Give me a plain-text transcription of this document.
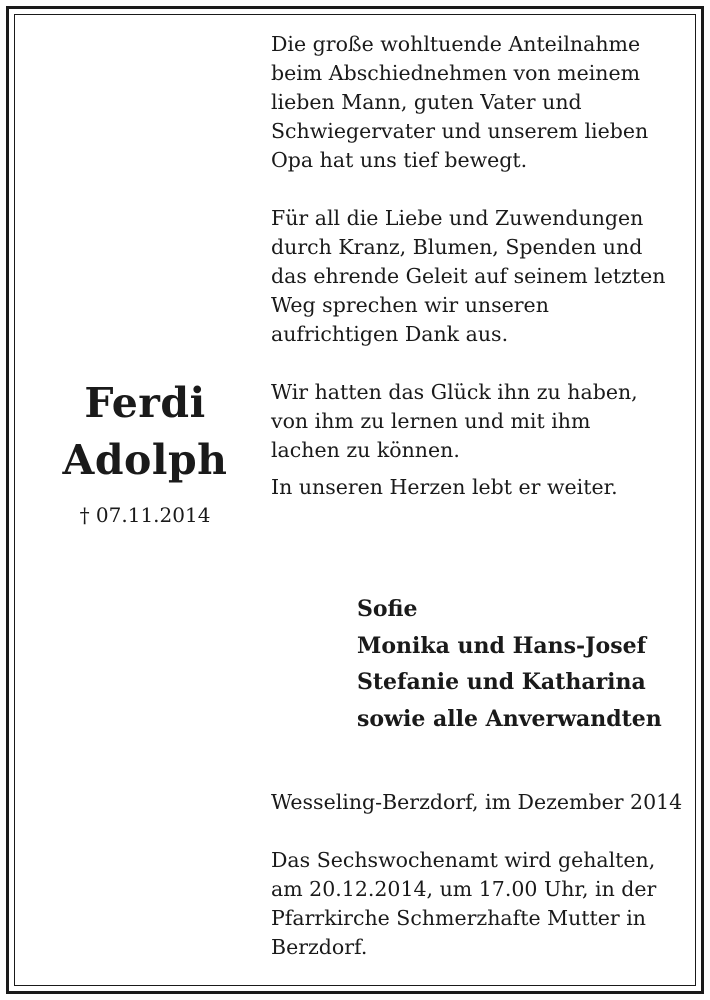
Ferdi
Adolph
† 07.11.2014

Die große wohltuende Anteilnahme
beim Abschiednehmen von meinem
lieben Mann, guten Vater und
Schwiegervater und unserem lieben
Opa hat uns tief bewegt.

Für all die Liebe und Zuwendungen
durch Kranz, Blumen, Spenden und
das ehrende Geleit auf seinem letzten
Weg sprechen wir unseren
aufrichtigen Dank aus.

Wir hatten das Glück ihn zu haben,
von ihm zu lernen und mit ihm
lachen zu können.

In unseren Herzen lebt er weiter.

Sofie
Monika und Hans-Josef
Stefanie und Katharina
sowie alle Anverwandten
Wesseling-Berzdorf, im Dezember 2014
Das Sechswochenamt wird gehalten,
am 20.12.2014, um 17.00 Uhr, in der
Pfarrkirche Schmerzhafte Mutter in
Berzdorf.
